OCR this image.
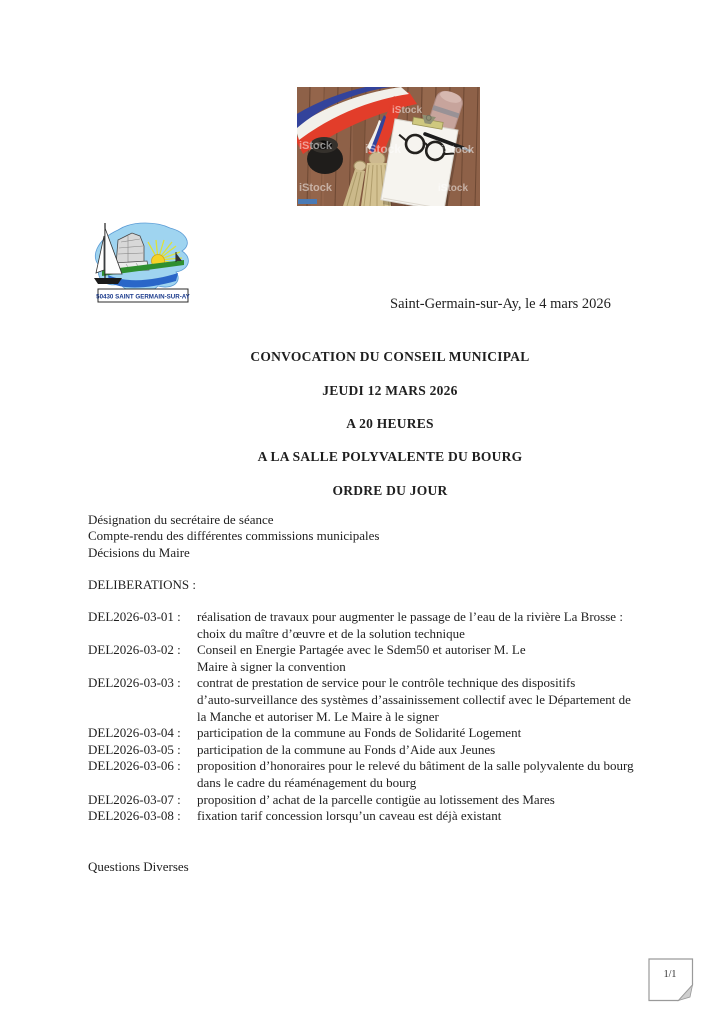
iStock	iStock	iStock
iStock	iStock
iStock
50430 SAINT GERMAIN-SUR-AY	Saint-Germain-sur-Ay, le 4 mars 2026
CONVOCATION DU CONSEIL MUNICIPAL
JEUDI 12 MARS 2026
A 20 HEURES
A LA SALLE POLYVALENTE DU BOURG
ORDRE DU JOUR
Désignation du secrétaire de séance
Compte-rendu des différentes commissions municipales
Décisions du Maire
DELIBERATIONS :
DEL2026-03-01 :	réalisation de travaux pour augmenter le passage de l’eau de la rivière La Brosse :
choix du maître d’œuvre et de la solution technique
DEL2026-03-02 :	Conseil en Energie Partagée avec le Sdem50 et autoriser M. Le
Maire à signer la convention
DEL2026-03-03 :	contrat de prestation de service pour le contrôle technique des dispositifs
d’auto-surveillance des systèmes d’assainissement collectif avec le Département de
la Manche et autoriser M. Le Maire à le signer
DEL2026-03-04 :	participation de la commune au Fonds de Solidarité Logement
DEL2026-03-05 :	participation de la commune au Fonds d’Aide aux Jeunes
DEL2026-03-06 :	proposition d’honoraires pour le relevé du bâtiment de la salle polyvalente du bourg
dans le cadre du réaménagement du bourg
DEL2026-03-07 :	proposition d’ achat de la parcelle contigüe au lotissement des Mares
DEL2026-03-08 :	fixation tarif concession lorsqu’un caveau est déjà existant
Questions Diverses
1/1
